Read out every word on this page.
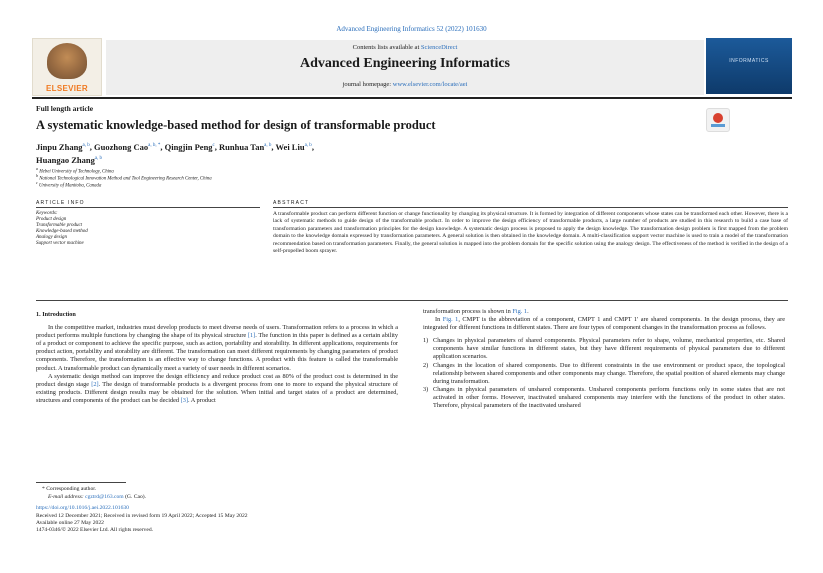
Advanced Engineering Informatics 52 (2022) 101630
ELSEVIER
Contents lists available at ScienceDirect
Advanced Engineering Informatics
journal homepage: www.elsevier.com/locate/aei
INFORMATICS
Full length article
A systematic knowledge-based method for design of transformable product
Jinpu Zhang$^{a, b}$, Guozhong Cao$^{a, b, *}$, Qingjin Peng$^c$, Runhua Tan$^{a, b}$, Wei Liu$^{a, b}$,
Huangao Zhang$^{a, b}$
$^a$ Hebei University of Technology, China
$^b$ National Technological Innovation Method and Tool Engineering Research Center, China
$^c$ University of Manitoba, Canada
ARTICLE INFO	ABSTRACT
Keywords:
Product design
Transformable product
Knowledge-based method
Analogy design
Support vector machine
A transformable product can perform different function or change functionality by changing its physical structure. It is formed by integration of different components whose states can be transformed each other. However, there is a lack of systematic methods to guide design of the transformable product. In order to improve the design efficiency of transformable products, a large number of products are studied in this research to build a case base of transformation parameters and transformation principles for the design knowledge. A systematic design process is proposed to apply the design knowledge. The transformation design problem is first mapped from the problem domain to the knowledge domain expressed by transformation parameters. A general solution is then obtained in the knowledge domain. A multi-classification support vector machine is used to train a model of the transformation recommendation based on transformation parameters. Finally, the general solution is mapped into the problem domain for the specific solution using the analogy design. The effectiveness of the method is verified in the design of a self-propelled boom sprayer.
1. Introduction
In the competitive market, industries must develop products to meet diverse needs of users. Transformation refers to a process in which a product performs multiple functions by changing the shape of its physical structure [1]. The function in this paper is defined as a certain ability of a product or component to achieve the specific purpose, such as action, portability and storability. In different applications, requirements for product action, portability and storability are different. The transformation can meet different requirements by changing parameters of product components. Therefore, the transformation is an effective way to change functions. A product with this feature is called the transformable product. A transformable product can dynamically meet a variety of user needs in different scenarios.
A systematic design method can improve the design efficiency and reduce product cost as 80% of the product cost is determined in the product design stage [2]. The design of transformable products is a divergent process from one to more to expand the physical structure of existing products. Different design results may be obtained for the solution. When initial and target states of a product are determined, structures and components of the product can be decided [3]. A product
transformation process is shown in Fig. 1.
In Fig. 1, CMPT is the abbreviation of a component, CMPT 1 and CMPT 1' are shared components. In the design process, they are integrated for different functions in different states. There are four types of component changes in the transformation process as follows.
1) Changes in physical parameters of shared components. Physical parameters refer to shape, volume, mechanical properties, etc. Shared components have similar functions in different states, but they have different requirements of physical parameters due to different application scenarios.
2) Changes in the location of shared components. Due to different constraints in the use environment or product space, the topological relationship between shared components and other components may change. Therefore, the spatial position of shared elements may change during transformation.
3) Changes in physical parameters of unshared components. Unshared components perform functions only in some states that are not activated in other forms. However, inactivated unshared components may interfere with the functions of the product in other states. Therefore, physical parameters of the inactivated unshared
* Corresponding author.
E-mail address: cgztrd@163.com (G. Cao).
https://doi.org/10.1016/j.aei.2022.101630
Received 12 December 2021; Received in revised form 19 April 2022; Accepted 15 May 2022
Available online 27 May 2022
1474-0346/© 2022 Elsevier Ltd. All rights reserved.
